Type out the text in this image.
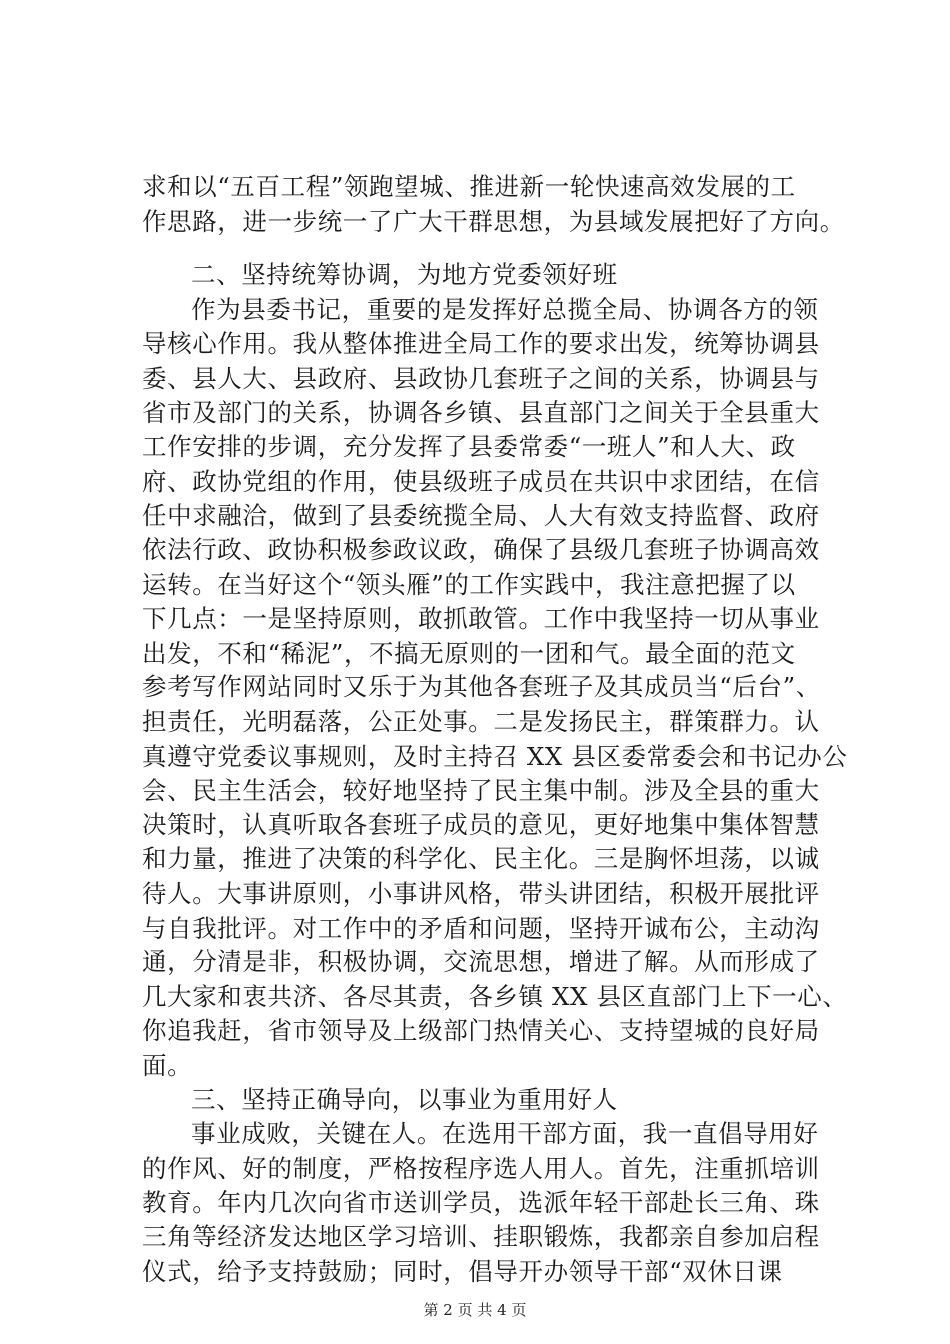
求和以“五百工程”领跑望城、推进新一轮快速高效发展的工
作思路，进一步统一了广大干群思想，为县域发展把好了方向。
二、坚持统筹协调，为地方党委领好班
作为县委书记，重要的是发挥好总揽全局、协调各方的领
导核心作用。我从整体推进全局工作的要求出发，统筹协调县
委、县人大、县政府、县政协几套班子之间的关系，协调县与
省市及部门的关系，协调各乡镇、县直部门之间关于全县重大
工作安排的步调，充分发挥了县委常委“一班人”和人大、政
府、政协党组的作用，使县级班子成员在共识中求团结，在信
任中求融洽，做到了县委统揽全局、人大有效支持监督、政府
依法行政、政协积极参政议政，确保了县级几套班子协调高效
运转。在当好这个“领头雁”的工作实践中，我注意把握了以
下几点：一是坚持原则，敢抓敢管。工作中我坚持一切从事业
出发，不和“稀泥”，不搞无原则的一团和气。最全面的范文
参考写作网站同时又乐于为其他各套班子及其成员当“后台”、
担责任，光明磊落，公正处事。二是发扬民主，群策群力。认
真遵守党委议事规则，及时主持召 XX 县区委常委会和书记办公
会、民主生活会，较好地坚持了民主集中制。涉及全县的重大
决策时，认真听取各套班子成员的意见，更好地集中集体智慧
和力量，推进了决策的科学化、民主化。三是胸怀坦荡，以诚
待人。大事讲原则，小事讲风格，带头讲团结，积极开展批评
与自我批评。对工作中的矛盾和问题，坚持开诚布公，主动沟
通，分清是非，积极协调，交流思想，增进了解。从而形成了
几大家和衷共济、各尽其责，各乡镇 XX 县区直部门上下一心、
你追我赶，省市领导及上级部门热情关心、支持望城的良好局
面。
三、坚持正确导向，以事业为重用好人
事业成败，关键在人。在选用干部方面，我一直倡导用好
的作风、好的制度，严格按程序选人用人。首先，注重抓培训
教育。年内几次向省市送训学员，选派年轻干部赴长三角、珠
三角等经济发达地区学习培训、挂职锻炼，我都亲自参加启程
仪式，给予支持鼓励；同时，倡导开办领导干部“双休日课
第 2 页 共 4 页
